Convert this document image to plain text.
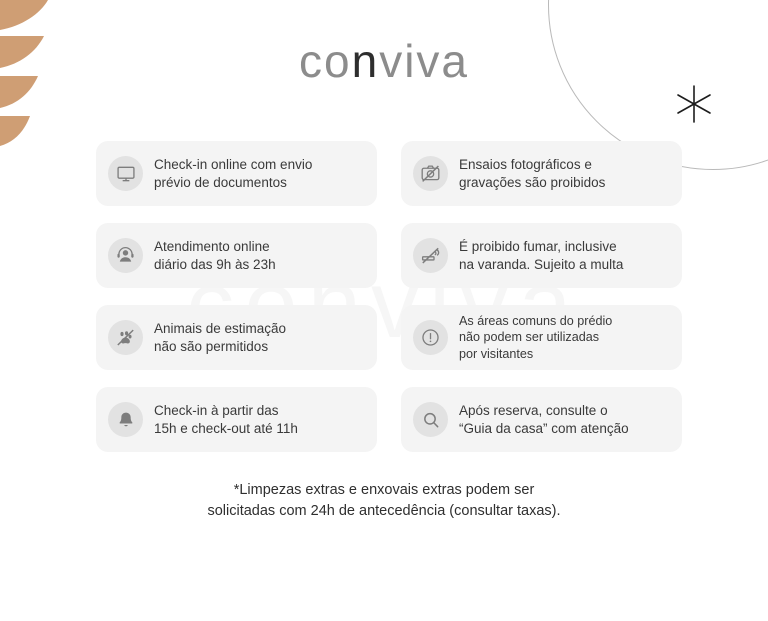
conviva
Check-in online com envio
prévio de documentos
Ensaios fotográficos e
gravações são proibidos
Atendimento online
diário das 9h às 23h
É proibido fumar, inclusive
na varanda. Sujeito a multa
Animais de estimação
não são permitidos
As áreas comuns do prédio
não podem ser utilizadas
por visitantes
Check-in à partir das
15h e check-out até 11h
Após reserva, consulte o
“Guia da casa” com atenção
*Limpezas extras e enxovais extras podem ser
solicitadas com 24h de antecedência (consultar taxas).
